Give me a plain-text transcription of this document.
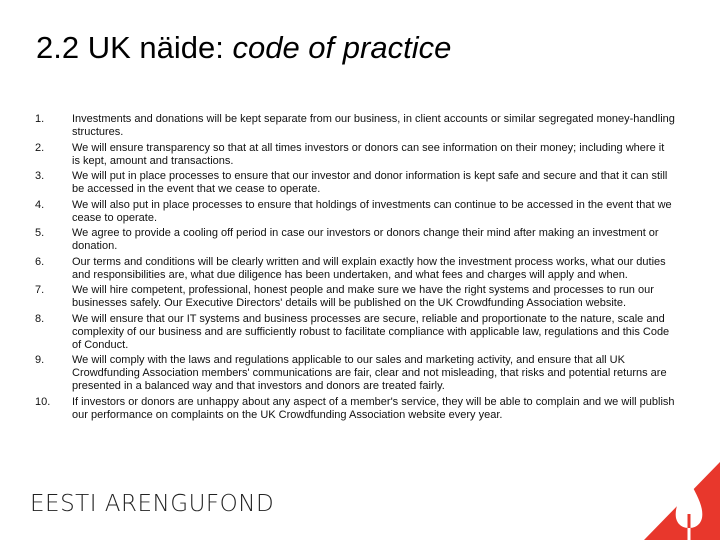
2.2 UK näide: code of practice
1.	Investments and donations will be kept separate from our business, in client accounts or similar segregated money-handling structures.
2.	We will ensure transparency so that at all times investors or donors can see information on their money; including where it is kept, amount and transactions.
3.	We will put in place processes to ensure that our investor and donor information is kept safe and secure and that it can still be accessed in the event that we cease to operate.
4.	We will also put in place processes to ensure that holdings of investments can continue to be accessed in the event that we cease to operate.
5.	We agree to provide a cooling off period in case our investors or donors change their mind after making an investment or donation.
6.	Our terms and conditions will be clearly written and will explain exactly how the investment process works, what our duties and responsibilities are, what due diligence has been undertaken, and what fees and charges will apply and when.
7.	We will hire competent, professional, honest people and make sure we have the right systems and processes to run our businesses safely. Our Executive Directors' details will be published on the UK Crowdfunding Association website.
8.	We will ensure that our IT systems and business processes are secure, reliable and proportionate to the nature, scale and complexity of our business and are sufficiently robust to facilitate compliance with applicable law, regulations and this Code of Conduct.
9.	We will comply with the laws and regulations applicable to our sales and marketing activity, and ensure that all UK Crowdfunding Association members' communications are fair, clear and not misleading, that risks and potential returns are presented in a balanced way and that investors and donors are treated fairly.
10.	If investors or donors are unhappy about any aspect of a member's service, they will be able to complain and we will publish our performance on complaints on the UK Crowdfunding Association website every year.
EESTI ARENGUFOND
